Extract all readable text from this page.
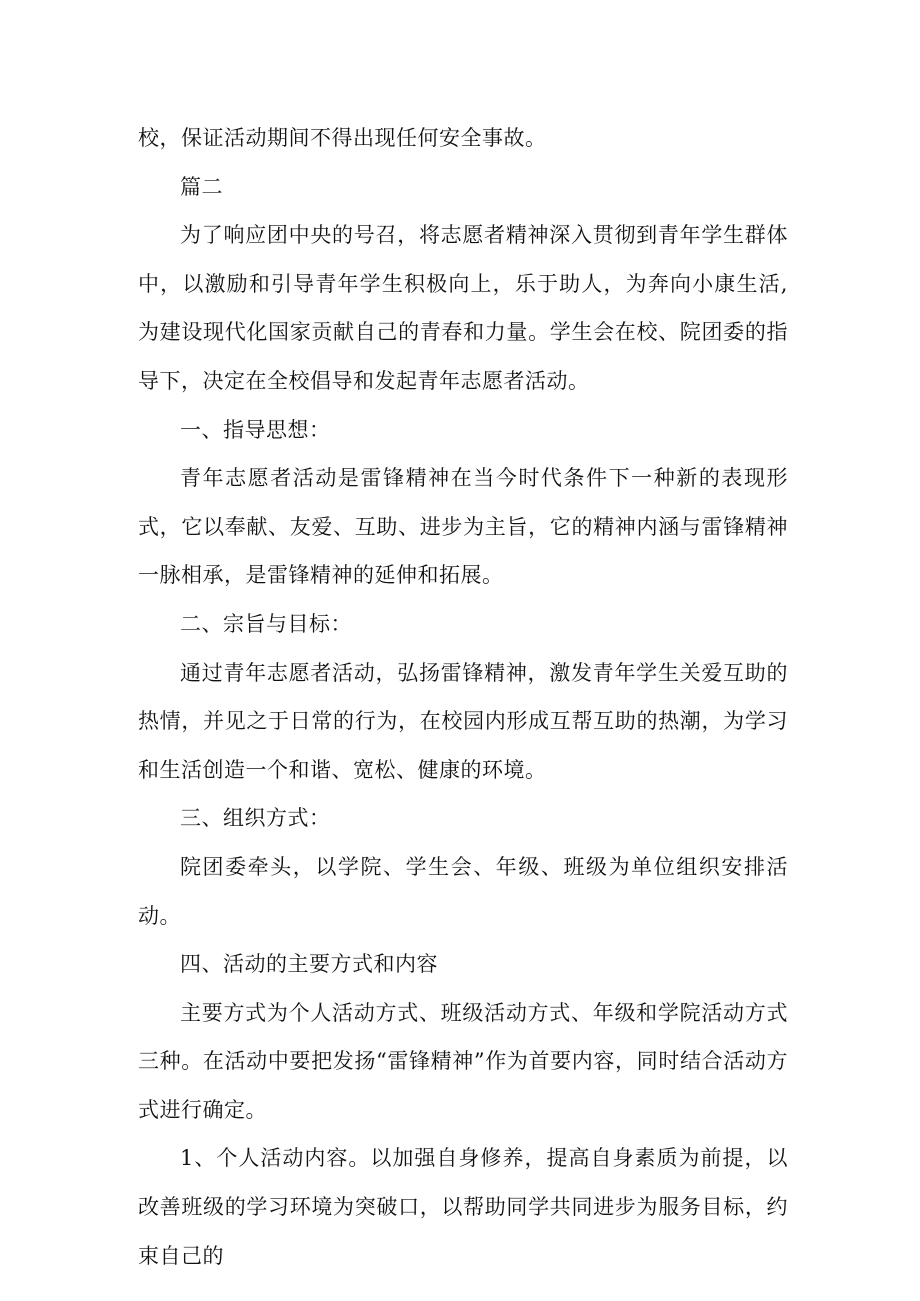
校，保证活动期间不得出现任何安全事故。

篇二

为了响应团中央的号召，将志愿者精神深入贯彻到青年学生群体中，以激励和引导青年学生积极向上，乐于助人，为奔向小康生活,为建设现代化国家贡献自己的青春和力量。学生会在校、院团委的指导下，决定在全校倡导和发起青年志愿者活动。

一、指导思想：

青年志愿者活动是雷锋精神在当今时代条件下一种新的表现形式，它以奉献、友爱、互助、进步为主旨，它的精神内涵与雷锋精神一脉相承，是雷锋精神的延伸和拓展。

二、宗旨与目标：

通过青年志愿者活动，弘扬雷锋精神，激发青年学生关爱互助的热情，并见之于日常的行为，在校园内形成互帮互助的热潮，为学习和生活创造一个和谐、宽松、健康的环境。

三、组织方式：

院团委牵头，以学院、学生会、年级、班级为单位组织安排活动。

四、活动的主要方式和内容

主要方式为个人活动方式、班级活动方式、年级和学院活动方式三种。在活动中要把发扬“雷锋精神”作为首要内容，同时结合活动方式进行确定。

1、个人活动内容。以加强自身修养，提高自身素质为前提，以改善班级的学习环境为突破口，以帮助同学共同进步为服务目标，约束自己的
